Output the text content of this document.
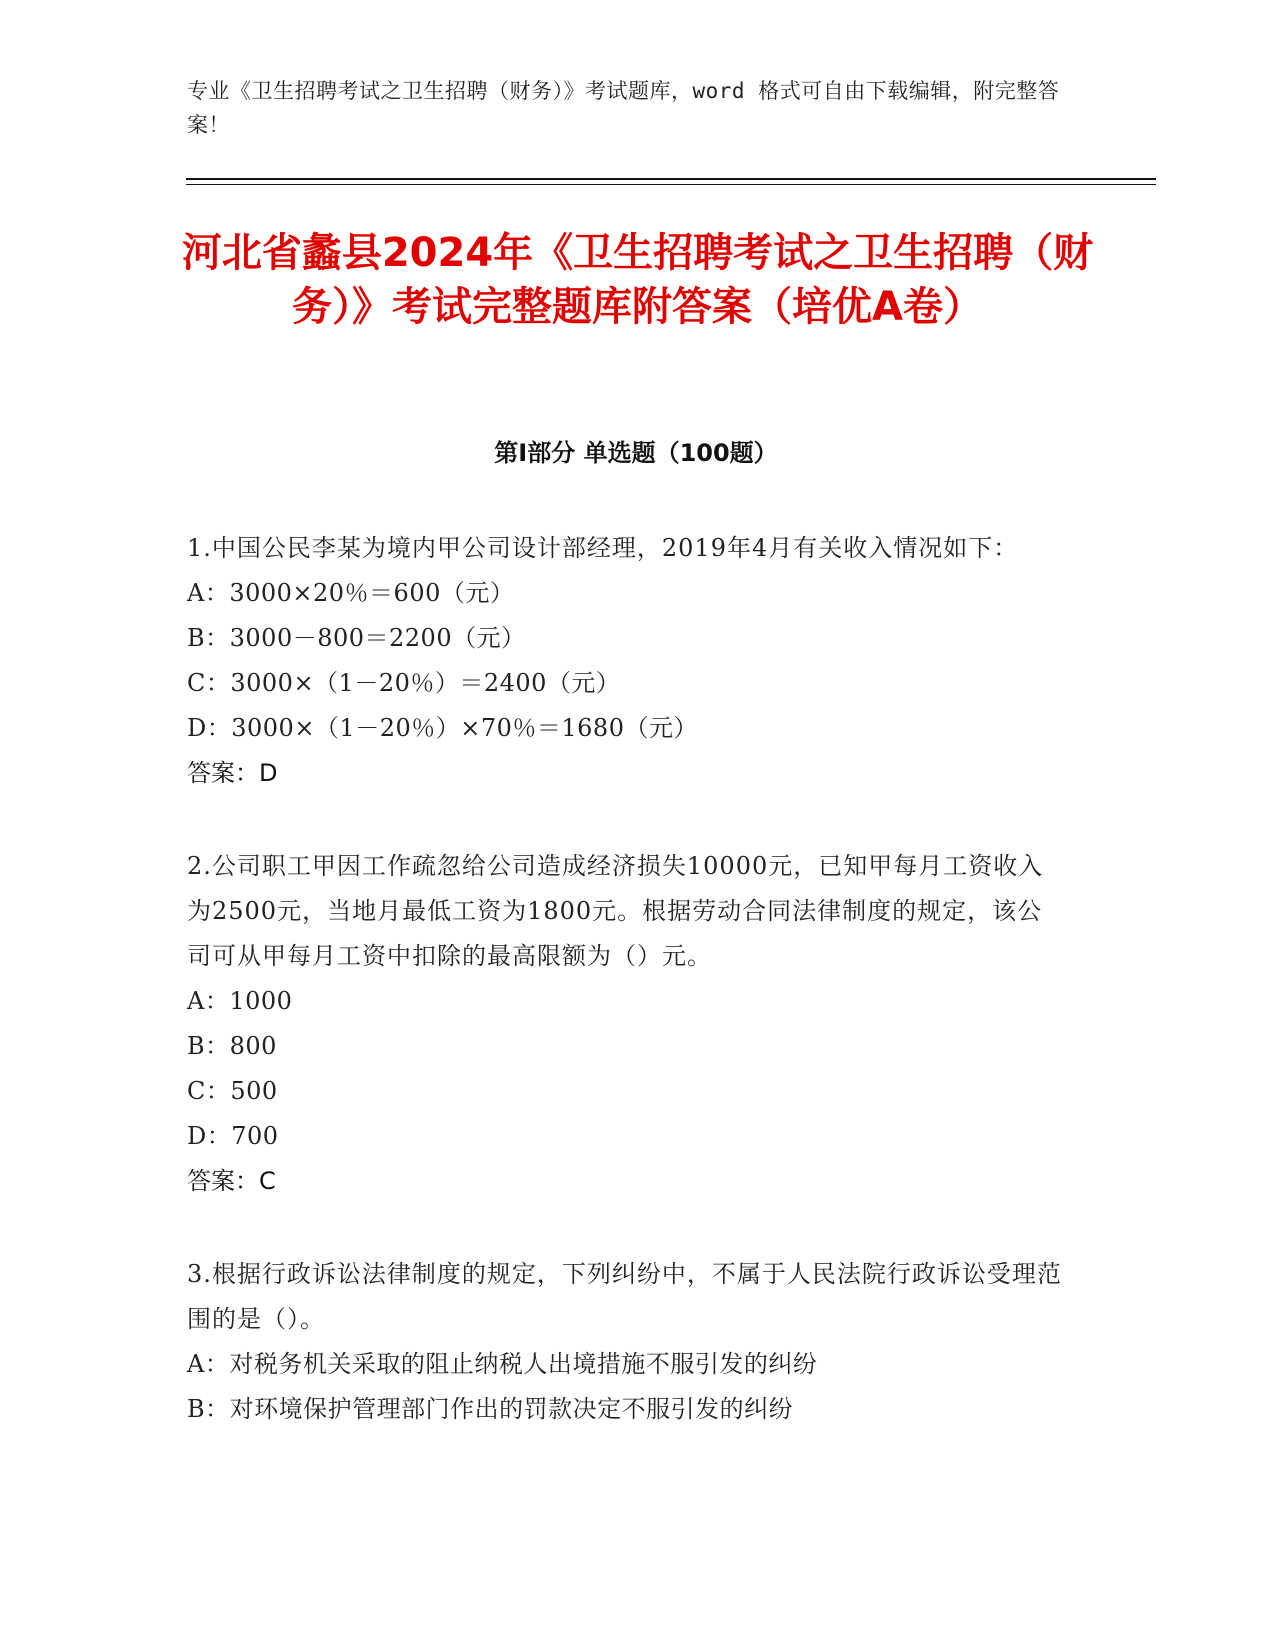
专业《卫生招聘考试之卫生招聘（财务）》考试题库，word 格式可自由下载编辑，附完整答案！
河北省蠡县2024年《卫生招聘考试之卫生招聘（财务）》考试完整题库附答案（培优A卷）
第Ⅰ部分 单选题（100题）
1.中国公民李某为境内甲公司设计部经理，2019年4月有关收入情况如下：
A：3000×20％＝600（元）
B：3000－800＝2200（元）
C：3000×（1－20％）＝2400（元）
D：3000×（1－20％）×70％＝1680（元）
答案：D
2.公司职工甲因工作疏忽给公司造成经济损失10000元，已知甲每月工资收入为2500元，当地月最低工资为1800元。根据劳动合同法律制度的规定，该公司可从甲每月工资中扣除的最高限额为（）元。
A：1000
B：800
C：500
D：700
答案：C
3.根据行政诉讼法律制度的规定，下列纠纷中，不属于人民法院行政诉讼受理范围的是（）。
A：对税务机关采取的阻止纳税人出境措施不服引发的纠纷
B：对环境保护管理部门作出的罚款决定不服引发的纠纷
